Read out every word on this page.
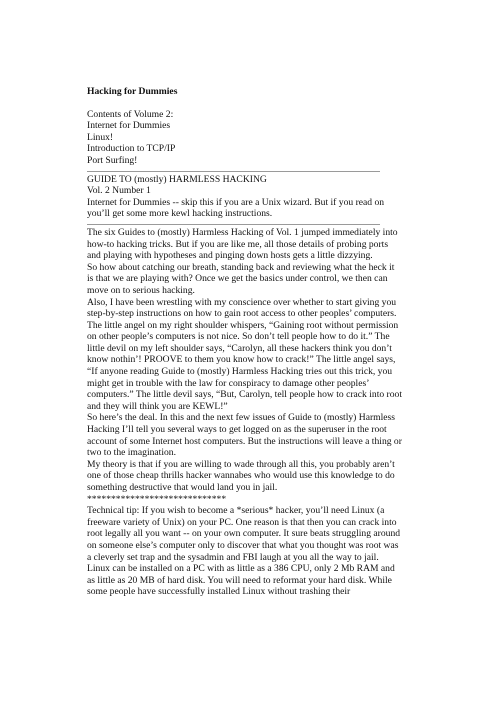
Hacking for Dummies

Contents of Volume 2:

Internet for Dummies

Linux!

Introduction to TCP/IP

Port Surfing!

GUIDE TO (mostly) HARMLESS HACKING

Vol. 2 Number 1

Internet for Dummies -- skip this if you are a Unix wizard. But if you read on

you’ll get some more kewl hacking instructions.

The six Guides to (mostly) Harmless Hacking of Vol. 1 jumped immediately into

how-to hacking tricks. But if you are like me, all those details of probing ports

and playing with hypotheses and pinging down hosts gets a little dizzying.

So how about catching our breath, standing back and reviewing what the heck it

is that we are playing with? Once we get the basics under control, we then can

move on to serious hacking.

Also, I have been wrestling with my conscience over whether to start giving you

step-by-step instructions on how to gain root access to other peoples’ computers.

The little angel on my right shoulder whispers, “Gaining root without permission

on other people’s computers is not nice. So don’t tell people how to do it.” The

little devil on my left shoulder says, “Carolyn, all these hackers think you don’t

know nothin’! PROOVE to them you know how to crack!” The little angel says,

“If anyone reading Guide to (mostly) Harmless Hacking tries out this trick, you

might get in trouble with the law for conspiracy to damage other peoples’

computers.” The little devil says, “But, Carolyn, tell people how to crack into root

and they will think you are KEWL!”

So here’s the deal. In this and the next few issues of Guide to (mostly) Harmless

Hacking I’ll tell you several ways to get logged on as the superuser in the root

account of some Internet host computers. But the instructions will leave a thing or

two to the imagination.

My theory is that if you are willing to wade through all this, you probably aren’t

one of those cheap thrills hacker wannabes who would use this knowledge to do

something destructive that would land you in jail.

*****************************

Technical tip: If you wish to become a *serious* hacker, you’ll need Linux (a

freeware variety of Unix) on your PC. One reason is that then you can crack into

root legally all you want -- on your own computer. It sure beats struggling around

on someone else’s computer only to discover that what you thought was root was

a cleverly set trap and the sysadmin and FBI laugh at you all the way to jail.

Linux can be installed on a PC with as little as a 386 CPU, only 2 Mb RAM and

as little as 20 MB of hard disk. You will need to reformat your hard disk. While

some people have successfully installed Linux without trashing their
